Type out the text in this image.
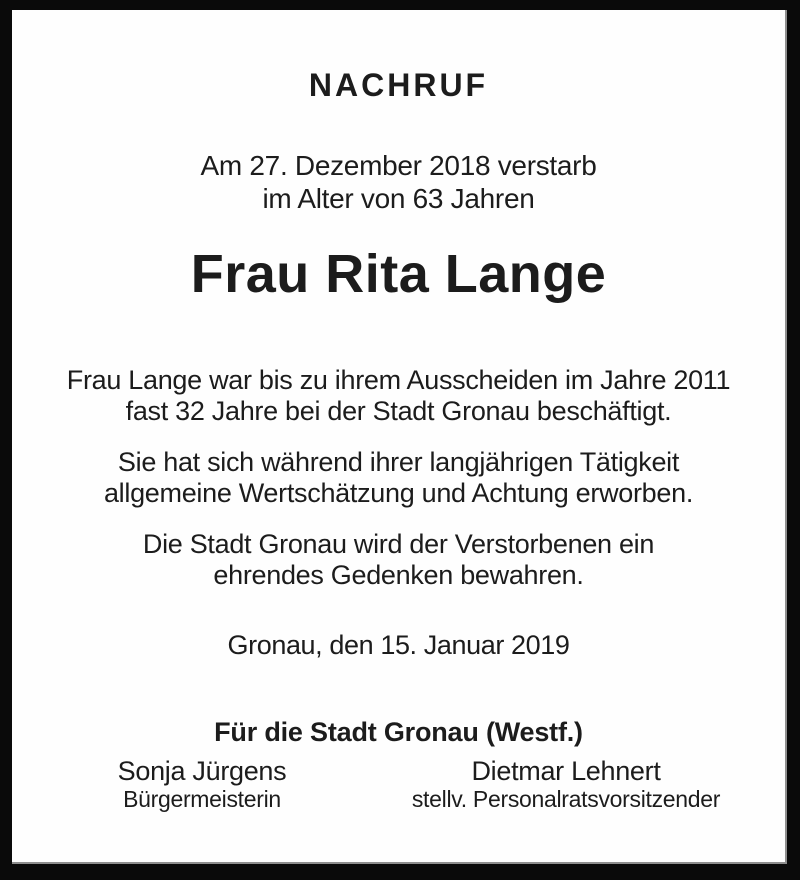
NACHRUF
Am 27. Dezember 2018 verstarb
im Alter von 63 Jahren
Frau Rita Lange
Frau Lange war bis zu ihrem Ausscheiden im Jahre 2011
fast 32 Jahre bei der Stadt Gronau beschäftigt.
Sie hat sich während ihrer langjährigen Tätigkeit
allgemeine Wertschätzung und Achtung erworben.
Die Stadt Gronau wird der Verstorbenen ein
ehrendes Gedenken bewahren.
Gronau, den 15. Januar 2019
Für die Stadt Gronau (Westf.)
Sonja Jürgens
Bürgermeisterin
Dietmar Lehnert
stellv. Personalratsvorsitzender
